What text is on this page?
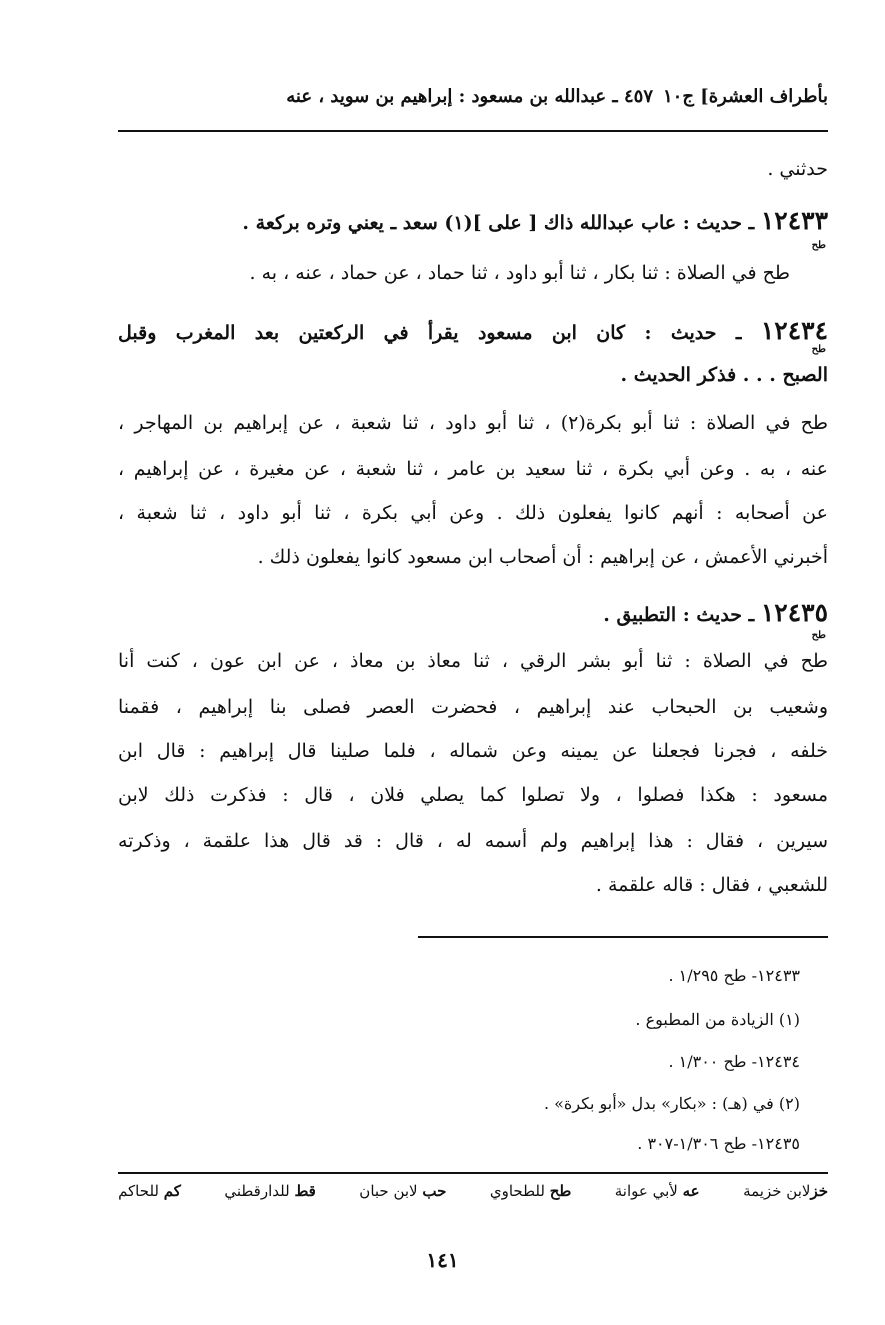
بأطراف العشرة] ج١٠
٤٥٧ ـ عبدالله بن مسعود : إبراهيم بن سويد ، عنه
حدثني .
١٢٤٣٣ ـ حديث : عاب عبدالله ذاك [ على ](١) سعد ـ يعني وتره بركعة .
طح
طح في الصلاة : ثنا بكار ، ثنا أبو داود ، ثنا حماد ، عن حماد ، عنه ، به .
١٢٤٣٤ ـ حديث : كان ابن مسعود يقرأ في الركعتين بعد المغرب وقبل
طح
الصبح . . . فذكر الحديث .
طح في الصلاة : ثنا أبو بكرة(٢) ، ثنا أبو داود ، ثنا شعبة ، عن إبراهيم بن المهاجر ،
عنه ، به . وعن أبي بكرة ، ثنا سعيد بن عامر ، ثنا شعبة ، عن مغيرة ، عن إبراهيم ،
عن أصحابه : أنهم كانوا يفعلون ذلك . وعن أبي بكرة ، ثنا أبو داود ، ثنا شعبة ،
أخبرني الأعمش ، عن إبراهيم : أن أصحاب ابن مسعود كانوا يفعلون ذلك .
١٢٤٣٥ ـ حديث : التطبيق .
طح
طح في الصلاة : ثنا أبو بشر الرقي ، ثنا معاذ بن معاذ ، عن ابن عون ، كنت أنا
وشعيب بن الحبحاب عند إبراهيم ، فحضرت العصر فصلى بنا إبراهيم ، فقمنا
خلفه ، فجرنا فجعلنا عن يمينه وعن شماله ، فلما صلينا قال إبراهيم : قال ابن
مسعود : هكذا فصلوا ، ولا تصلوا كما يصلي فلان ، قال : فذكرت ذلك لابن
سيرين ، فقال : هذا إبراهيم ولم أسمه له ، قال : قد قال هذا علقمة ، وذكرته
للشعبي ، فقال : قاله علقمة .
١٢٤٣٣- طح ١/٢٩٥ .
(١) الزيادة من المطبوع .
١٢٤٣٤- طح ١/٣٠٠ .
(٢) في (هـ) : «بكار» بدل «أبو بكرة» .
١٢٤٣٥- طح ١/٣٠٦-٣٠٧ .
خزلابن خزيمة
عه لأبي عوانة
طح للطحاوي
حب لابن حبان
قط للدارقطني
كم للحاكم
١٤١
